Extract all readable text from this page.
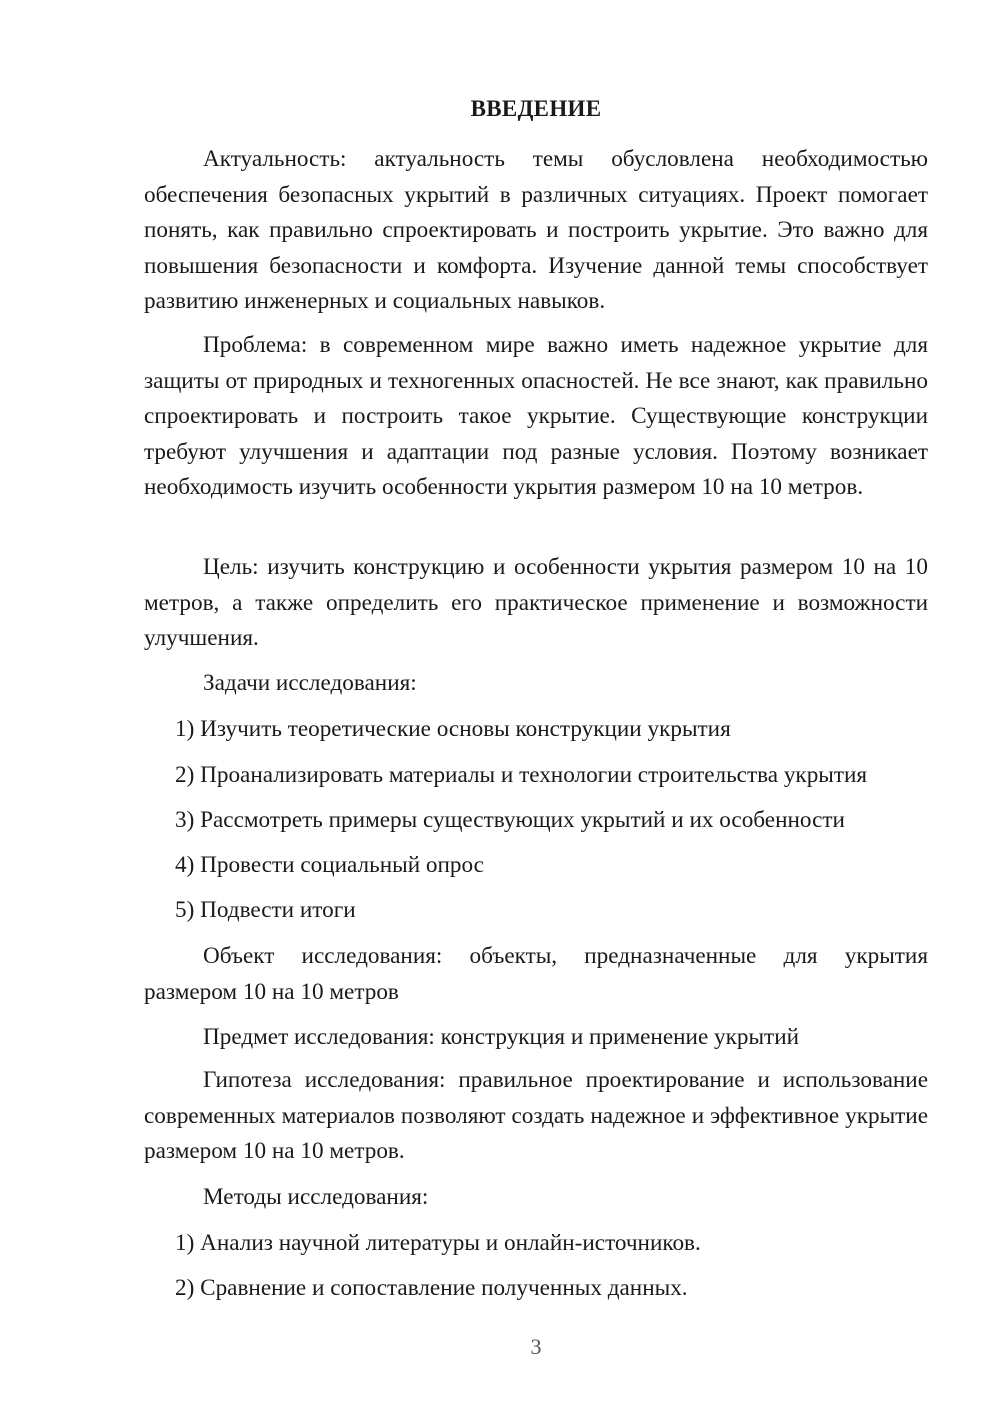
ВВЕДЕНИЕ
Актуальность: актуальность темы обусловлена необходимостью обеспечения безопасных укрытий в различных ситуациях. Проект помогает понять, как правильно спроектировать и построить укрытие. Это важно для повышения безопасности и комфорта. Изучение данной темы способствует развитию инженерных и социальных навыков.
Проблема: в современном мире важно иметь надежное укрытие для защиты от природных и техногенных опасностей. Не все знают, как правильно спроектировать и построить такое укрытие. Существующие конструкции требуют улучшения и адаптации под разные условия. Поэтому возникает необходимость изучить особенности укрытия размером 10 на 10 метров.
Цель: изучить конструкцию и особенности укрытия размером 10 на 10 метров, а также определить его практическое применение и возможности улучшения.
Задачи исследования:
1) Изучить теоретические основы конструкции укрытия
2) Проанализировать материалы и технологии строительства укрытия
3) Рассмотреть примеры существующих укрытий и их особенности
4) Провести социальный опрос
5) Подвести итоги
Объект исследования: объекты, предназначенные для укрытия
размером 10 на 10 метров
Предмет исследования: конструкция и применение укрытий
Гипотеза исследования: правильное проектирование и использование современных материалов позволяют создать надежное и эффективное укрытие размером 10 на 10 метров.
Методы исследования:
1) Анализ научной литературы и онлайн-источников.
2) Сравнение и сопоставление полученных данных.
3
